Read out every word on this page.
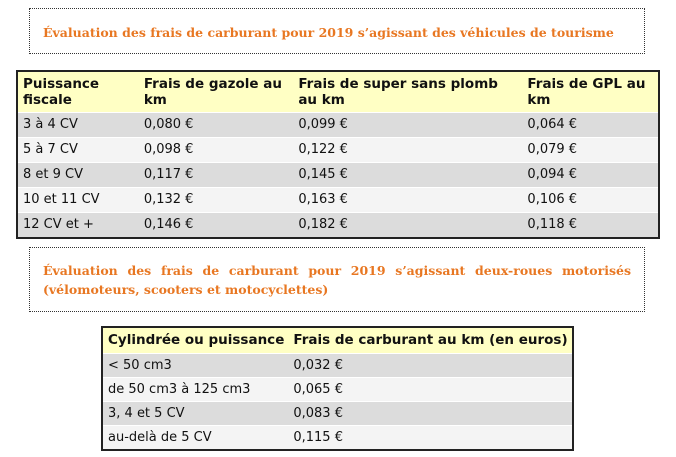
Évaluation des frais de carburant pour 2019 s’agissant des véhicules de tourisme
Puissance fiscale	Frais de gazole au km	Frais de super sans plomb au km	Frais de GPL au km
3 à 4 CV	0,080 €	0,099 €	0,064 €
5 à 7 CV	0,098 €	0,122 €	0,079 €
8 et 9 CV	0,117 €	0,145 €	0,094 €
10 et 11 CV	0,132 €	0,163 €	0,106 €
12 CV et +	0,146 €	0,182 €	0,118 €
Évaluation des frais de carburant pour 2019 s’agissant deux-roues motorisés (vélomoteurs, scooters et motocyclettes)
Cylindrée ou puissance	Frais de carburant au km (en euros)
< 50 cm3	0,032 €
de 50 cm3 à 125 cm3	0,065 €
3, 4 et 5 CV	0,083 €
au-delà de 5 CV	0,115 €
